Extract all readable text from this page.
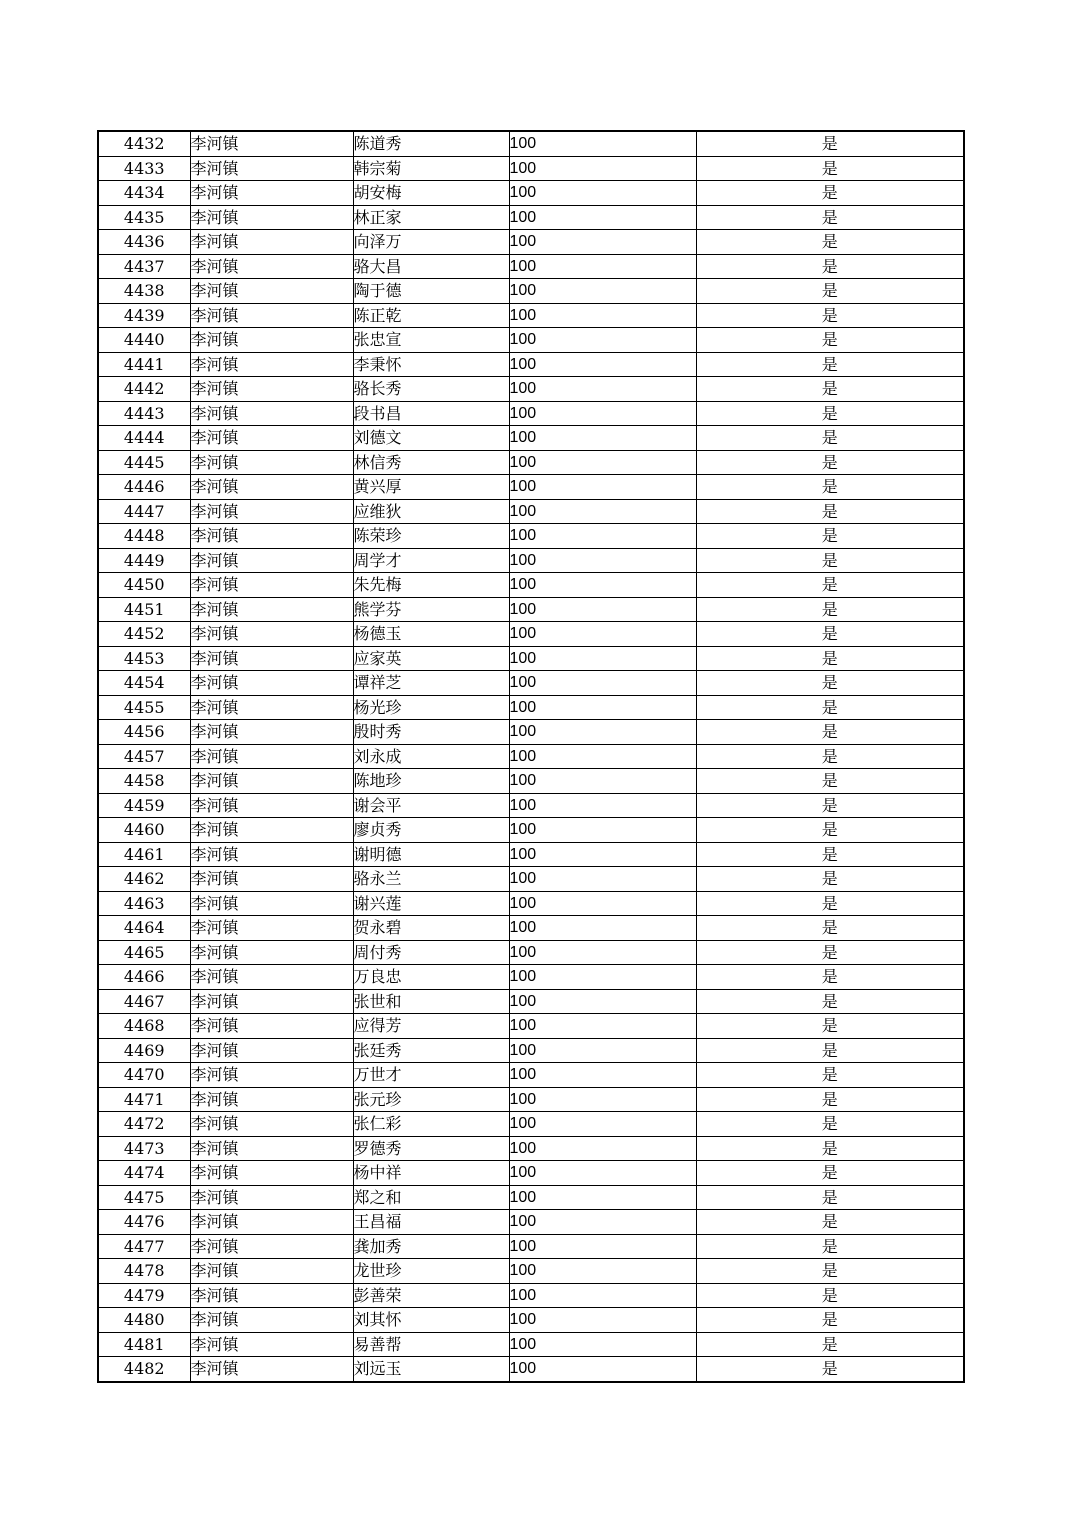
4432	李河镇	陈道秀	100	是
4433	李河镇	韩宗菊	100	是
4434	李河镇	胡安梅	100	是
4435	李河镇	林正家	100	是
4436	李河镇	向泽万	100	是
4437	李河镇	骆大昌	100	是
4438	李河镇	陶于德	100	是
4439	李河镇	陈正乾	100	是
4440	李河镇	张忠宣	100	是
4441	李河镇	李秉怀	100	是
4442	李河镇	骆长秀	100	是
4443	李河镇	段书昌	100	是
4444	李河镇	刘德文	100	是
4445	李河镇	林信秀	100	是
4446	李河镇	黄兴厚	100	是
4447	李河镇	应维狄	100	是
4448	李河镇	陈荣珍	100	是
4449	李河镇	周学才	100	是
4450	李河镇	朱先梅	100	是
4451	李河镇	熊学芬	100	是
4452	李河镇	杨德玉	100	是
4453	李河镇	应家英	100	是
4454	李河镇	谭祥芝	100	是
4455	李河镇	杨光珍	100	是
4456	李河镇	殷时秀	100	是
4457	李河镇	刘永成	100	是
4458	李河镇	陈地珍	100	是
4459	李河镇	谢会平	100	是
4460	李河镇	廖贞秀	100	是
4461	李河镇	谢明德	100	是
4462	李河镇	骆永兰	100	是
4463	李河镇	谢兴莲	100	是
4464	李河镇	贺永碧	100	是
4465	李河镇	周付秀	100	是
4466	李河镇	万良忠	100	是
4467	李河镇	张世和	100	是
4468	李河镇	应得芳	100	是
4469	李河镇	张廷秀	100	是
4470	李河镇	万世才	100	是
4471	李河镇	张元珍	100	是
4472	李河镇	张仁彩	100	是
4473	李河镇	罗德秀	100	是
4474	李河镇	杨中祥	100	是
4475	李河镇	郑之和	100	是
4476	李河镇	王昌福	100	是
4477	李河镇	龚加秀	100	是
4478	李河镇	龙世珍	100	是
4479	李河镇	彭善荣	100	是
4480	李河镇	刘其怀	100	是
4481	李河镇	易善帮	100	是
4482	李河镇	刘远玉	100	是
